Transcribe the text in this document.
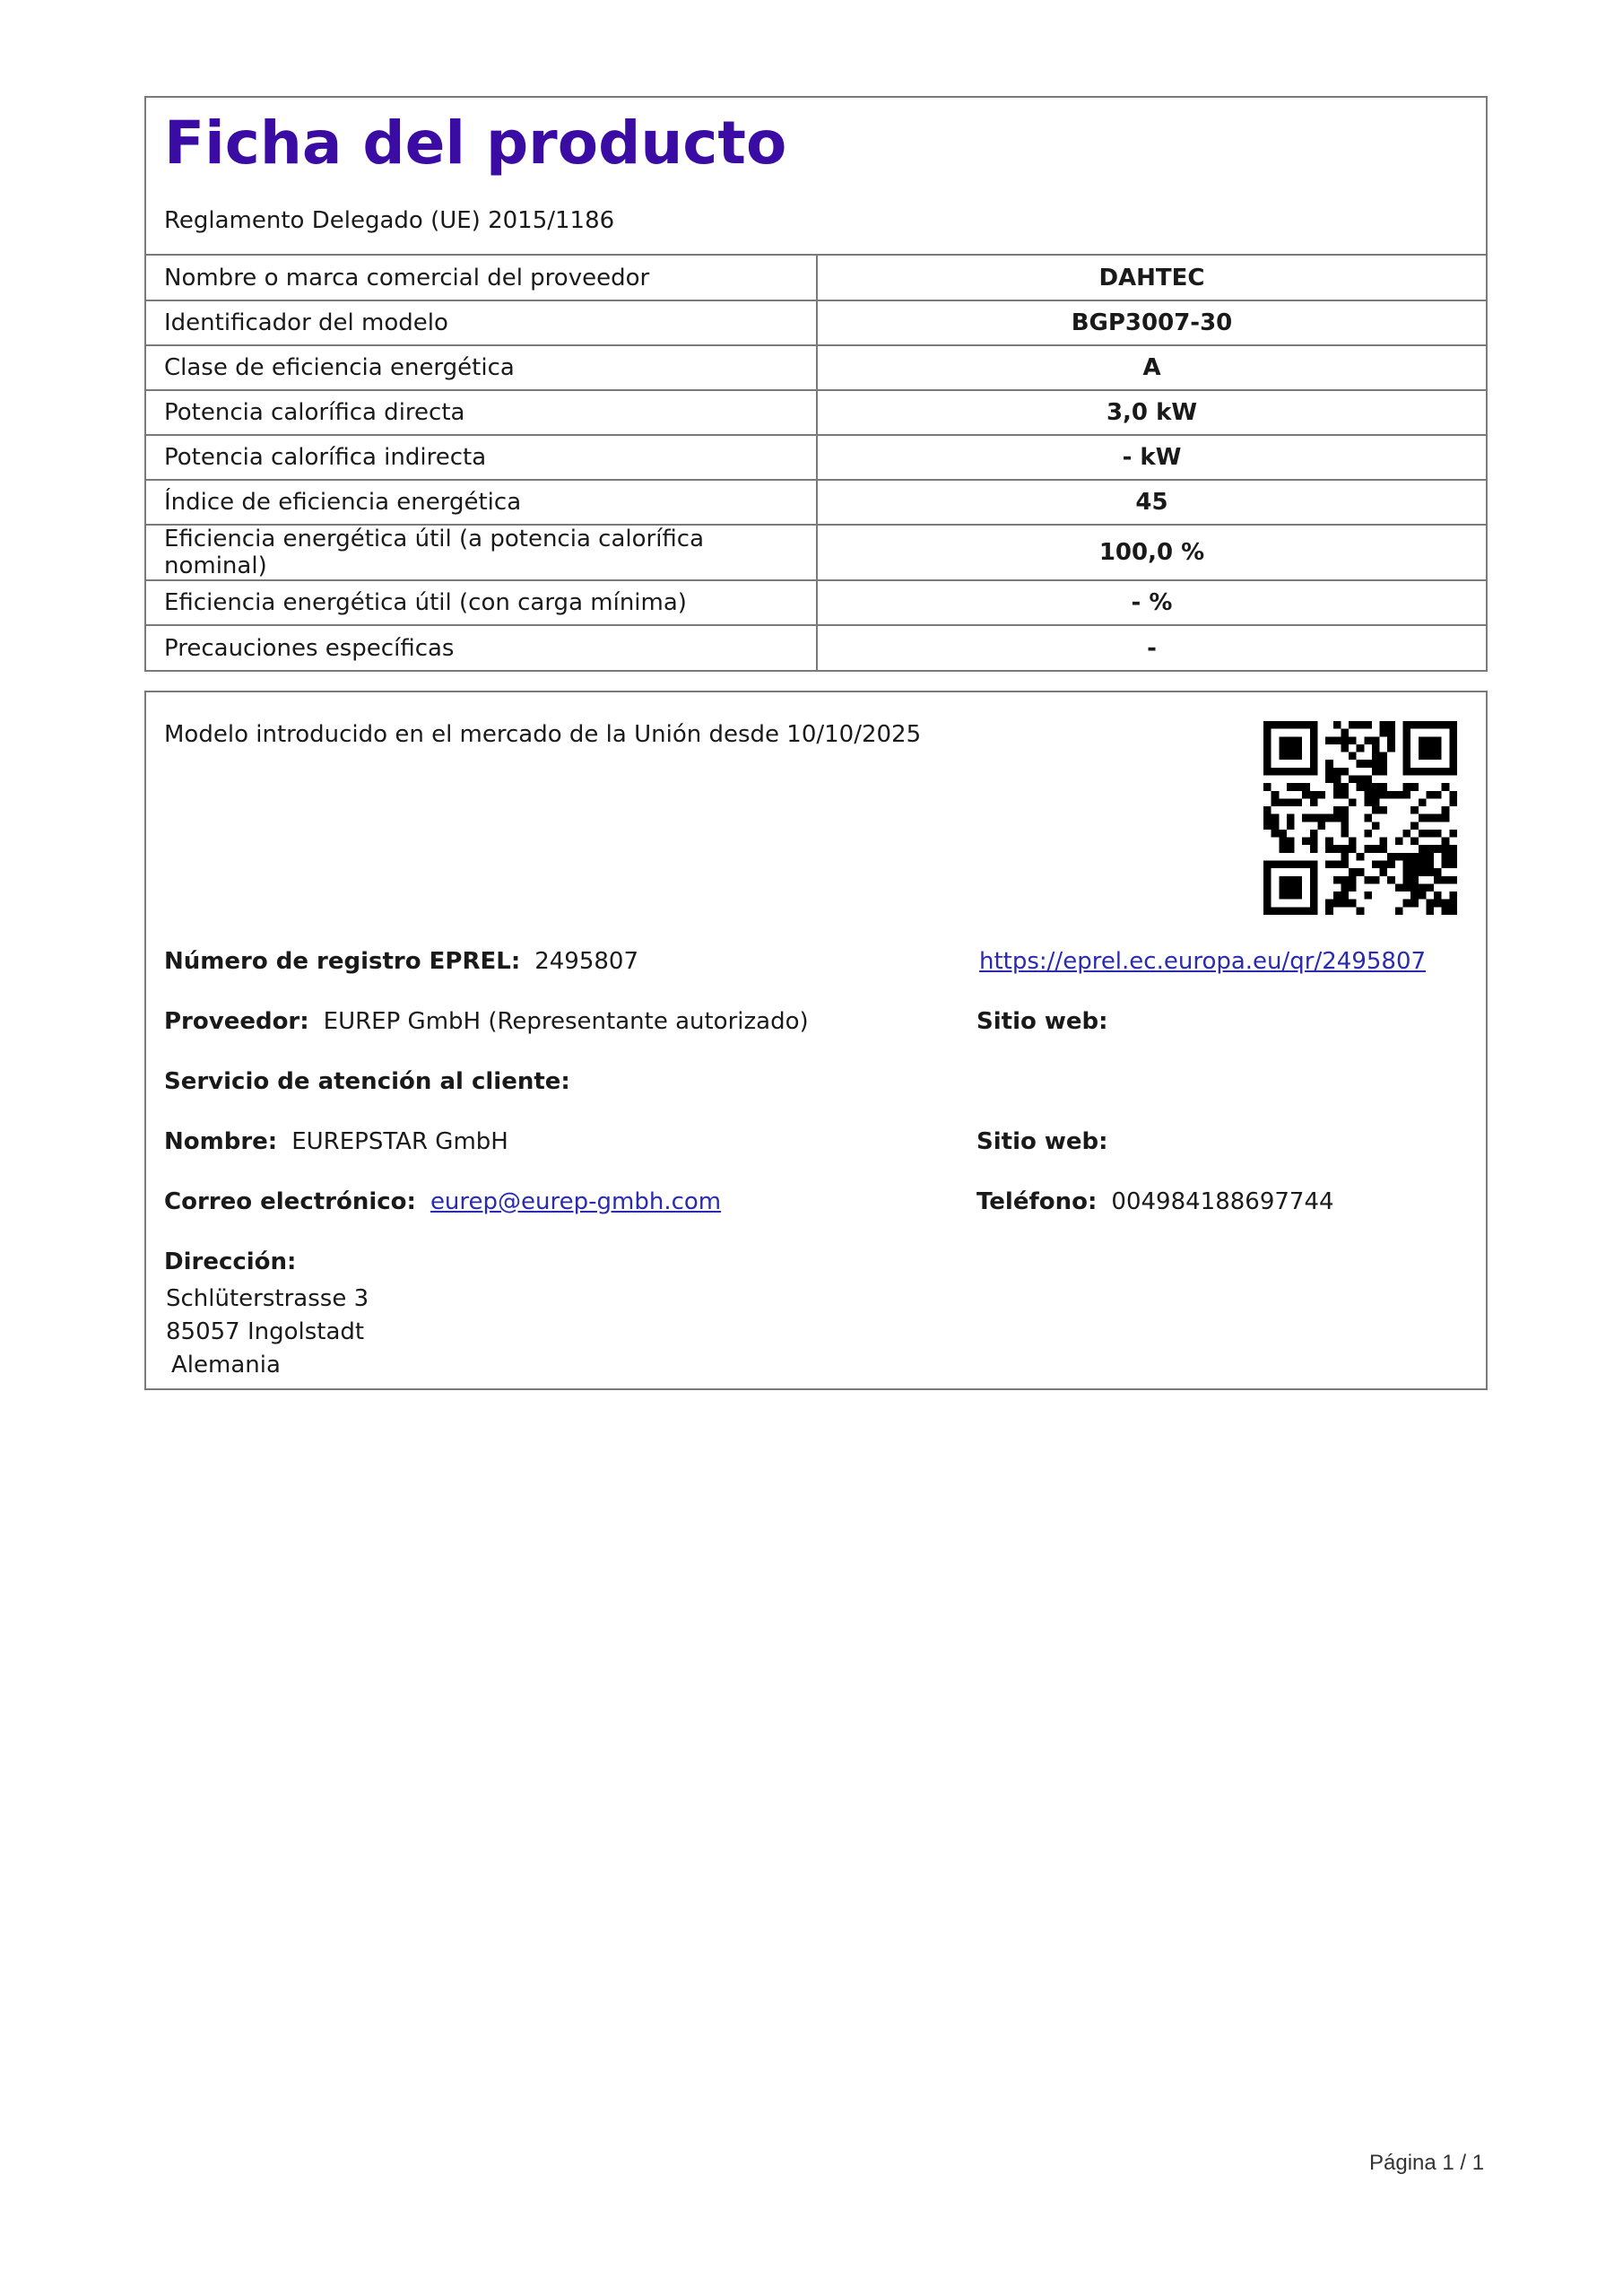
Ficha del producto
Reglamento Delegado (UE) 2015/1186
Nombre o marca comercial del proveedor	DAHTEC
Identificador del modelo	BGP3007-30
Clase de eficiencia energética	A
Potencia calorífica directa	3,0 kW
Potencia calorífica indirecta	- kW
Índice de eficiencia energética	45
Eficiencia energética útil (a potencia calorífica nominal)	100,0 %
Eficiencia energética útil (con carga mínima)	- %
Precauciones específicas	-
Modelo introducido en el mercado de la Unión desde 10/10/2025
Número de registro EPREL: 2495807	https://eprel.ec.europa.eu/qr/2495807
Proveedor: EUREP GmbH (Representante autorizado)	Sitio web:
Servicio de atención al cliente:
Nombre: EUREPSTAR GmbH	Sitio web:
Correo electrónico: eurep@eurep-gmbh.com	Teléfono: 004984188697744
Dirección:
Schlüterstrasse 3
85057 Ingolstadt
Alemania
Página 1 / 1
